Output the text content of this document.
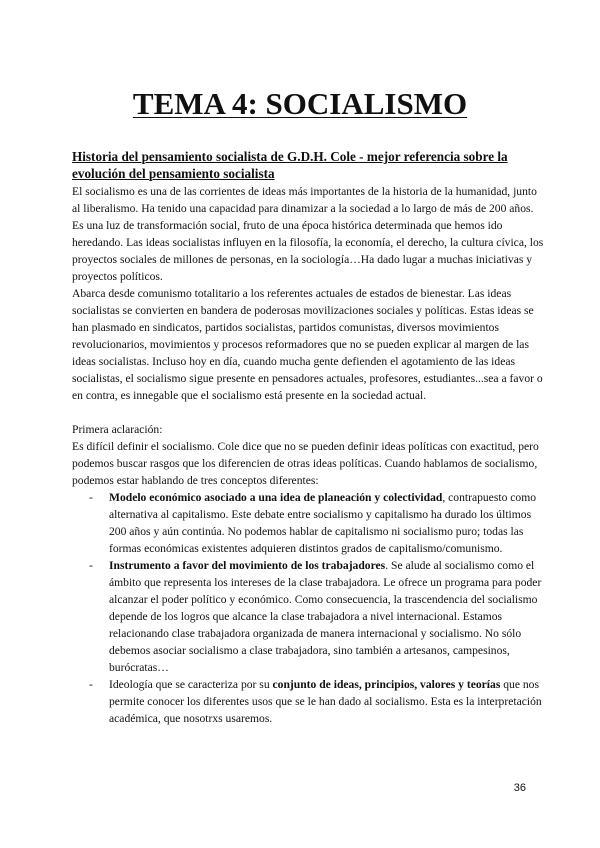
TEMA 4: SOCIALISMO
Historia del pensamiento socialista de G.D.H. Cole - mejor referencia sobre la evolución del pensamiento socialista

El socialismo es una de las corrientes de ideas más importantes de la historia de la humanidad, junto al liberalismo. Ha tenido una capacidad para dinamizar a la sociedad a lo largo de más de 200 años. Es una luz de transformación social, fruto de una época histórica determinada que hemos ido heredando. Las ideas socialistas influyen en la filosofía, la economía, el derecho, la cultura cívica, los proyectos sociales de millones de personas, en la sociología…Ha dado lugar a muchas iniciativas y proyectos políticos.

Abarca desde comunismo totalitario a los referentes actuales de estados de bienestar. Las ideas socialistas se convierten en bandera de poderosas movilizaciones sociales y políticas. Estas ideas se han plasmado en sindicatos, partidos socialistas, partidos comunistas, diversos movimientos revolucionarios, movimientos y procesos reformadores que no se pueden explicar al margen de las ideas socialistas. Incluso hoy en día, cuando mucha gente defienden el agotamiento de las ideas socialistas, el socialismo sigue presente en pensadores actuales, profesores, estudiantes...sea a favor o en contra, es innegable que el socialismo está presente en la sociedad actual.

Primera aclaración:

Es difícil definir el socialismo. Cole dice que no se pueden definir ideas políticas con exactitud, pero podemos buscar rasgos que los diferencien de otras ideas políticas. Cuando hablamos de socialismo, podemos estar hablando de tres conceptos diferentes:

- Modelo económico asociado a una idea de planeación y colectividad, contrapuesto como alternativa al capitalismo. Este debate entre socialismo y capitalismo ha durado los últimos 200 años y aún continúa. No podemos hablar de capitalismo ni socialismo puro; todas las formas económicas existentes adquieren distintos grados de capitalismo/comunismo.
- Instrumento a favor del movimiento de los trabajadores. Se alude al socialismo como el ámbito que representa los intereses de la clase trabajadora. Le ofrece un programa para poder alcanzar el poder político y económico. Como consecuencia, la trascendencia del socialismo depende de los logros que alcance la clase trabajadora a nivel internacional. Estamos relacionando clase trabajadora organizada de manera internacional y socialismo. No sólo debemos asociar socialismo a clase trabajadora, sino también a artesanos, campesinos, burócratas…
- Ideología que se caracteriza por su conjunto de ideas, principios, valores y teorías que nos permite conocer los diferentes usos que se le han dado al socialismo. Esta es la interpretación académica, que nosotrxs usaremos.
36
